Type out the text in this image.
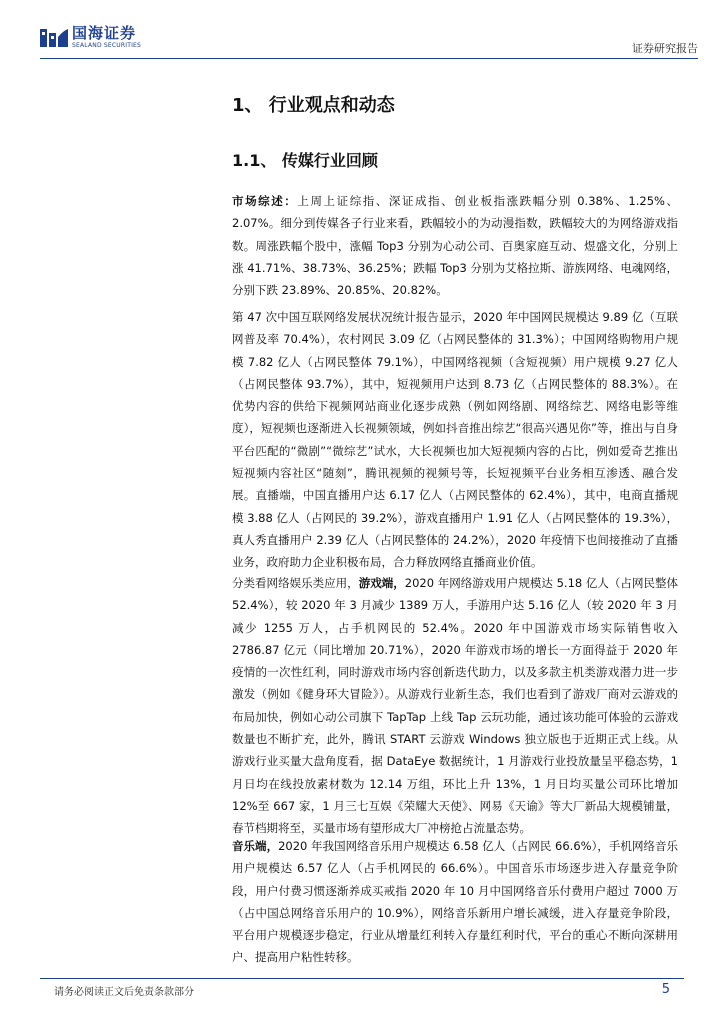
国海证券
SEALAND SECURITIES	证券研究报告
1、 行业观点和动态
1.1、 传媒行业回顾
市场综述：上周上证综指、深证成指、创业板指涨跌幅分别 0.38%、1.25%、2.07%。细分到传媒各子行业来看，跌幅较小的为动漫指数，跌幅较大的为网络游戏指数。周涨跌幅个股中，涨幅 Top3 分别为心动公司、百奥家庭互动、煜盛文化，分别上涨 41.71%、38.73%、36.25%；跌幅 Top3 分别为艾格拉斯、游族网络、电魂网络，分别下跌 23.89%、20.85%、20.82%。
第 47 次中国互联网络发展状况统计报告显示，2020 年中国网民规模达 9.89 亿（互联网普及率 70.4%），农村网民 3.09 亿（占网民整体的 31.3%）；中国网络购物用户规模 7.82 亿人（占网民整体 79.1%），中国网络视频（含短视频）用户规模 9.27 亿人（占网民整体 93.7%），其中，短视频用户达到 8.73 亿（占网民整体的 88.3%）。在优势内容的供给下视频网站商业化逐步成熟（例如网络剧、网络综艺、网络电影等维度），短视频也逐渐进入长视频领域，例如抖音推出综艺“很高兴遇见你”等，推出与自身平台匹配的“微剧”“微综艺”试水，大长视频也加大短视频内容的占比，例如爱奇艺推出短视频内容社区“随刻”，腾讯视频的视频号等，长短视频平台业务相互渗透、融合发展。直播端，中国直播用户达 6.17 亿人（占网民整体的 62.4%），其中，电商直播规模 3.88 亿人（占网民的 39.2%），游戏直播用户 1.91 亿人（占网民整体的 19.3%），真人秀直播用户 2.39 亿人（占网民整体的 24.2%），2020 年疫情下也间接推动了直播业务，政府助力企业积极布局，合力释放网络直播商业价值。
分类看网络娱乐类应用，游戏端，2020 年网络游戏用户规模达 5.18 亿人（占网民整体 52.4%），较 2020 年 3 月减少 1389 万人，手游用户达 5.16 亿人（较 2020 年 3 月减少 1255 万人，占手机网民的 52.4%。2020 年中国游戏市场实际销售收入 2786.87 亿元（同比增加 20.71%），2020 年游戏市场的增长一方面得益于 2020 年疫情的一次性红利，同时游戏市场内容创新迭代助力，以及多款主机类游戏潜力进一步激发（例如《健身环大冒险》）。从游戏行业新生态，我们也看到了游戏厂商对云游戏的布局加快，例如心动公司旗下 TapTap 上线 Tap 云玩功能，通过该功能可体验的云游戏数量也不断扩充，此外，腾讯 START 云游戏 Windows 独立版也于近期正式上线。从游戏行业买量大盘角度看，据 DataEye 数据统计，1 月游戏行业投放量呈平稳态势，1 月日均在线投放素材数为 12.14 万组，环比上升 13%，1 月日均买量公司环比增加 12%至 667 家，1 月三七互娱《荣耀大天使》、网易《天谕》等大厂新品大规模铺量，春节档期将至，买量市场有望形成大厂冲榜抢占流量态势。
音乐端，2020 年我国网络音乐用户规模达 6.58 亿人（占网民 66.6%），手机网络音乐用户规模达 6.57 亿人（占手机网民的 66.6%）。中国音乐市场逐步进入存量竞争阶段，用户付费习惯逐渐养成买戒指 2020 年 10 月中国网络音乐付费用户超过 7000 万（占中国总网络音乐用户的 10.9%），网络音乐新用户增长减缓，进入存量竞争阶段，平台用户规模逐步稳定，行业从增量红利转入存量红利时代，平台的重心不断向深耕用户、提高用户粘性转移。
请务必阅读正文后免责条款部分	5
